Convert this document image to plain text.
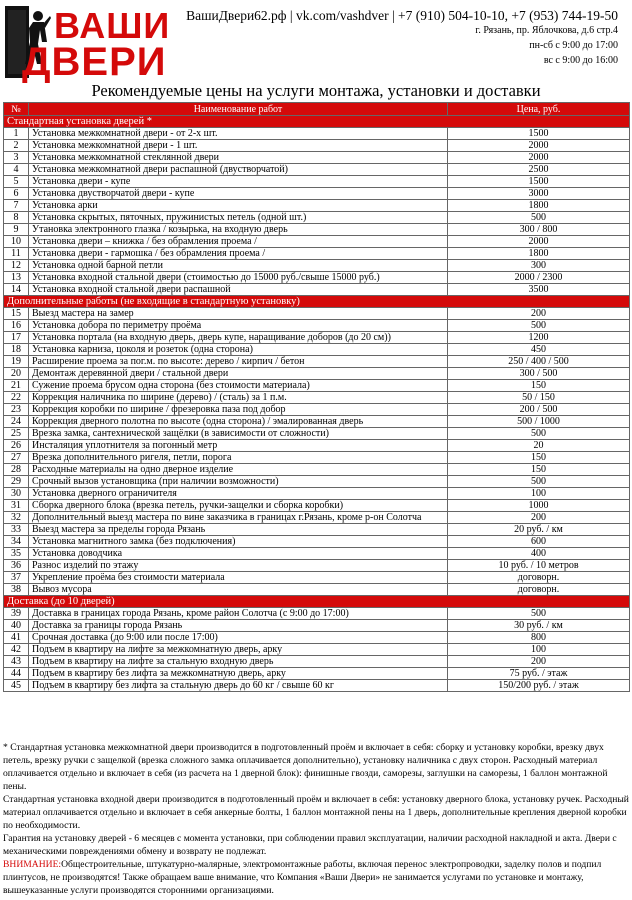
ВАШИ
ДВЕРИ
ВашиДвери62.рф | vk.com/vashdver | +7 (910) 504-10-10, +7 (953) 744-19-50
г. Рязань, пр. Яблочкова, д.6 стр.4
пн-сб с 9:00 до 17:00
вс с 9:00 до 16:00
Рекомендуемые цены на услуги монтажа, установки и доставки
№	Наименование работ	Цена, руб.
Стандартная установка дверей *		
1	Установка межкомнатной двери - от 2-х шт.	1500
2	Установка межкомнатной двери - 1 шт.	2000
3	Установка межкомнатной стеклянной двери	2000
4	Установка межкомнатной двери распашной (двустворчатой)	2500
5	Установка двери - купе	1500
6	Установка двустворчатой двери - купе	3000
7	Установка арки	1800
8	Установка скрытых, пяточных, пружинистых петель (одной шт.)	500
9	Утановка электронного глазка / козырька, на входную дверь	300 / 800
10	Установка двери – книжка / без обрамления проема /	2000
11	Установка двери - гармошка / без обрамления проема /	1800
12	Установка одной барной петли	300
13	Установка входной стальной двери (стоимостью до 15000 руб./свыше 15000 руб.)	2000 / 2300
14	Установка входной стальной двери распашной	3500
Дополнительные работы (не входящие в стандартную установку)		
15	Выезд мастера на замер	200
16	Установка добора по периметру проёма	500
17	Установка портала (на входную дверь, дверь купе, наращивание доборов (до 20 см))	1200
18	Установка карниза, цоколя и розеток (одна сторона)	450
19	Расширение проема за пог.м. по высоте: дерево / кирпич / бетон	250 / 400 / 500
20	Демонтаж деревянной двери / стальной двери	300 / 500
21	Сужение проема брусом одна сторона (без стоимости материала)	150
22	Коррекция наличника по ширине (дерево) / (сталь) за 1 п.м.	50 / 150
23	Коррекция коробки по ширине / фрезеровка паза под добор	200 / 500
24	Коррекция дверного полотна по высоте (одна сторона) / эмалированная дверь	500 / 1000
25	Врезка замка, сантехнической защёлки (в зависимости от сложности)	500
26	Инсталяция уплотнителя за погонный метр	20
27	Врезка дополнительного ригеля, петли, порога	150
28	Расходные материалы на одно дверное изделие	150
29	Срочный вызов установщика (при наличии возможности)	500
30	Установка дверного ограничителя	100
31	Сборка дверного блока (врезка петель, ручки-защелки и сборка коробки)	1000
32	Дополнительный выезд мастера по вине заказчика в границах г.Рязань, кроме р-он Солотча	200
33	Выезд мастера за пределы города Рязань	20 руб. / км
34	Установка магнитного замка (без подключения)	600
35	Установка доводчика	400
36	Разнос изделий по этажу	10 руб. / 10 метров
37	Укрепление проёма без стоимости материала	договорн.
38	Вывоз мусора	договорн.
Доставка (до 10 дверей)		
39	Доставка в границах города Рязань, кроме район Солотча (с 9:00 до 17:00)	500
40	Доставка за границы города Рязань	30 руб. / км
41	Срочная доставка (до 9:00 или после 17:00)	800
42	Подъем в квартиру на лифте за межкомнатную дверь, арку	100
43	Подъем в квартиру на лифте за стальную входную дверь	200
44	Подъем в квартиру без лифта за межкомнатную дверь, арку	75 руб. / этаж
45	Подъем в квартиру без лифта за стальную дверь до 60 кг / свыше 60 кг	150/200 руб. / этаж

* Стандартная установка межкомнатной двери производится в подготовленный проём и включает в себя: сборку и установку коробки, врезку двух петель, врезку ручки с защелкой (врезка сложного замка оплачивается дополнительно), установку наличника с двух сторон. Расходный материал оплачивается отдельно и включает в себя (из расчета на 1 дверной блок): финишные гвозди, саморезы, заглушки на саморезы, 1 баллон монтажной пены.

Стандартная установка входной двери производится в подготовленный проём и включает в себя: установку дверного блока, установку ручек. Расходный материал оплачивается отдельно и включает в себя анкерные болты, 1 баллон монтажной пены на 1 дверь, дополнительные крепления дверной коробки по необходимости.

Гарантия на установку дверей - 6 месяцев с момента установки, при соблюдении правил эксплуатации, наличии расходной накладной и акта. Двери с механическими повреждениями обмену и возврату не подлежат.

ВНИМАНИЕ:Общестроительные, штукатурно-малярные, электромонтажные работы, включая перенос электропроводки, заделку полов и подпил плинтусов, не производятся! Также обращаем ваше внимание, что Компания «Ваши Двери» не занимается услугами по установке и монтажу, вышеуказанные услуги производятся сторонними организациями.
